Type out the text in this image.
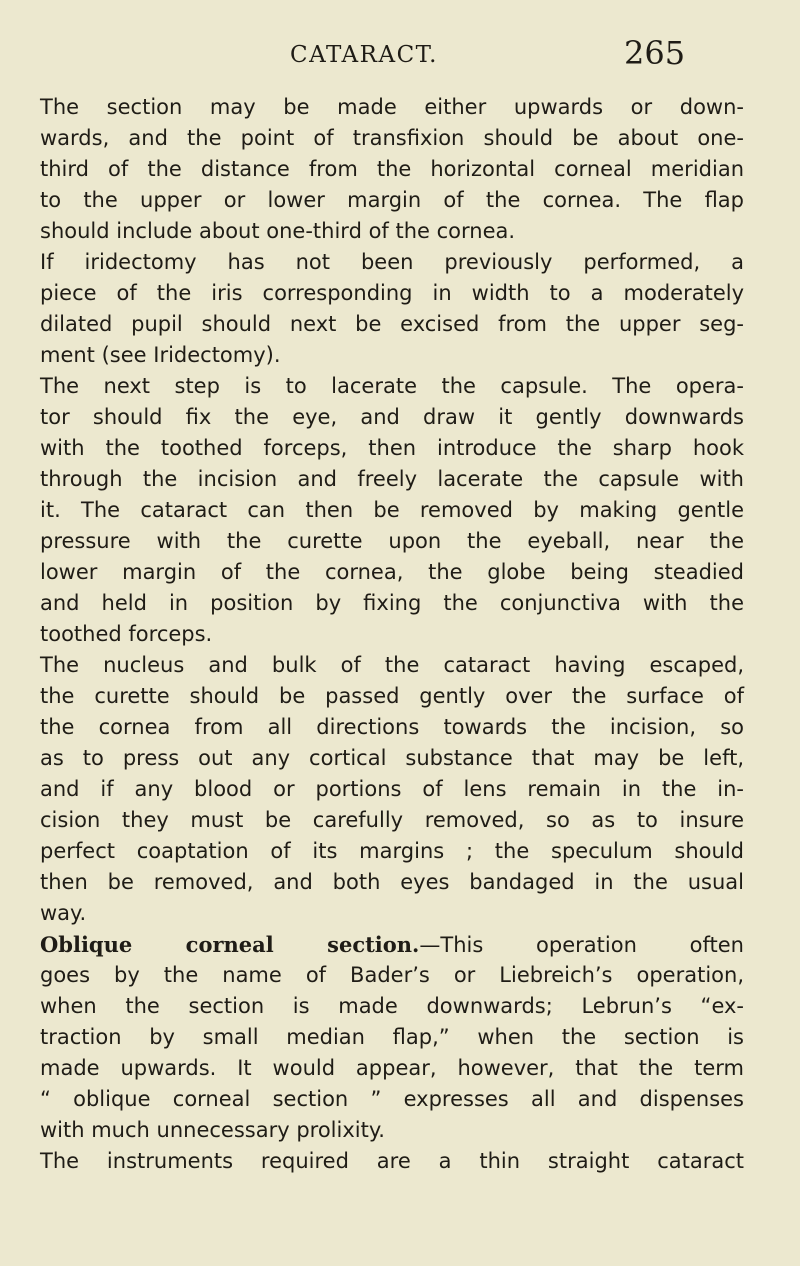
CATARACT.	265
The section may be made either upwards or down-
wards, and the point of transfixion should be about one-
third of the distance from the horizontal corneal meridian
to the upper or lower margin of the cornea. The flap
should include about one-third of the cornea.
If iridectomy has not been previously performed, a
piece of the iris corresponding in width to a moderately
dilated pupil should next be excised from the upper seg-
ment (see Iridectomy).
The next step is to lacerate the capsule. The opera-
tor should fix the eye, and draw it gently downwards
with the toothed forceps, then introduce the sharp hook
through the incision and freely lacerate the capsule with
it. The cataract can then be removed by making gentle
pressure with the curette upon the eyeball, near the
lower margin of the cornea, the globe being steadied
and held in position by fixing the conjunctiva with the
toothed forceps.
The nucleus and bulk of the cataract having escaped,
the curette should be passed gently over the surface of
the cornea from all directions towards the incision, so
as to press out any cortical substance that may be left,
and if any blood or portions of lens remain in the in-
cision they must be carefully removed, so as to insure
perfect coaptation of its margins ; the speculum should
then be removed, and both eyes bandaged in the usual
way.
Oblique corneal section.—This operation often
goes by the name of Bader’s or Liebreich’s operation,
when the section is made downwards; Lebrun’s “ex-
traction by small median flap,” when the section is
made upwards. It would appear, however, that the term
“ oblique corneal section ” expresses all and dispenses
with much unnecessary prolixity.
The instruments required are a thin straight cataract
